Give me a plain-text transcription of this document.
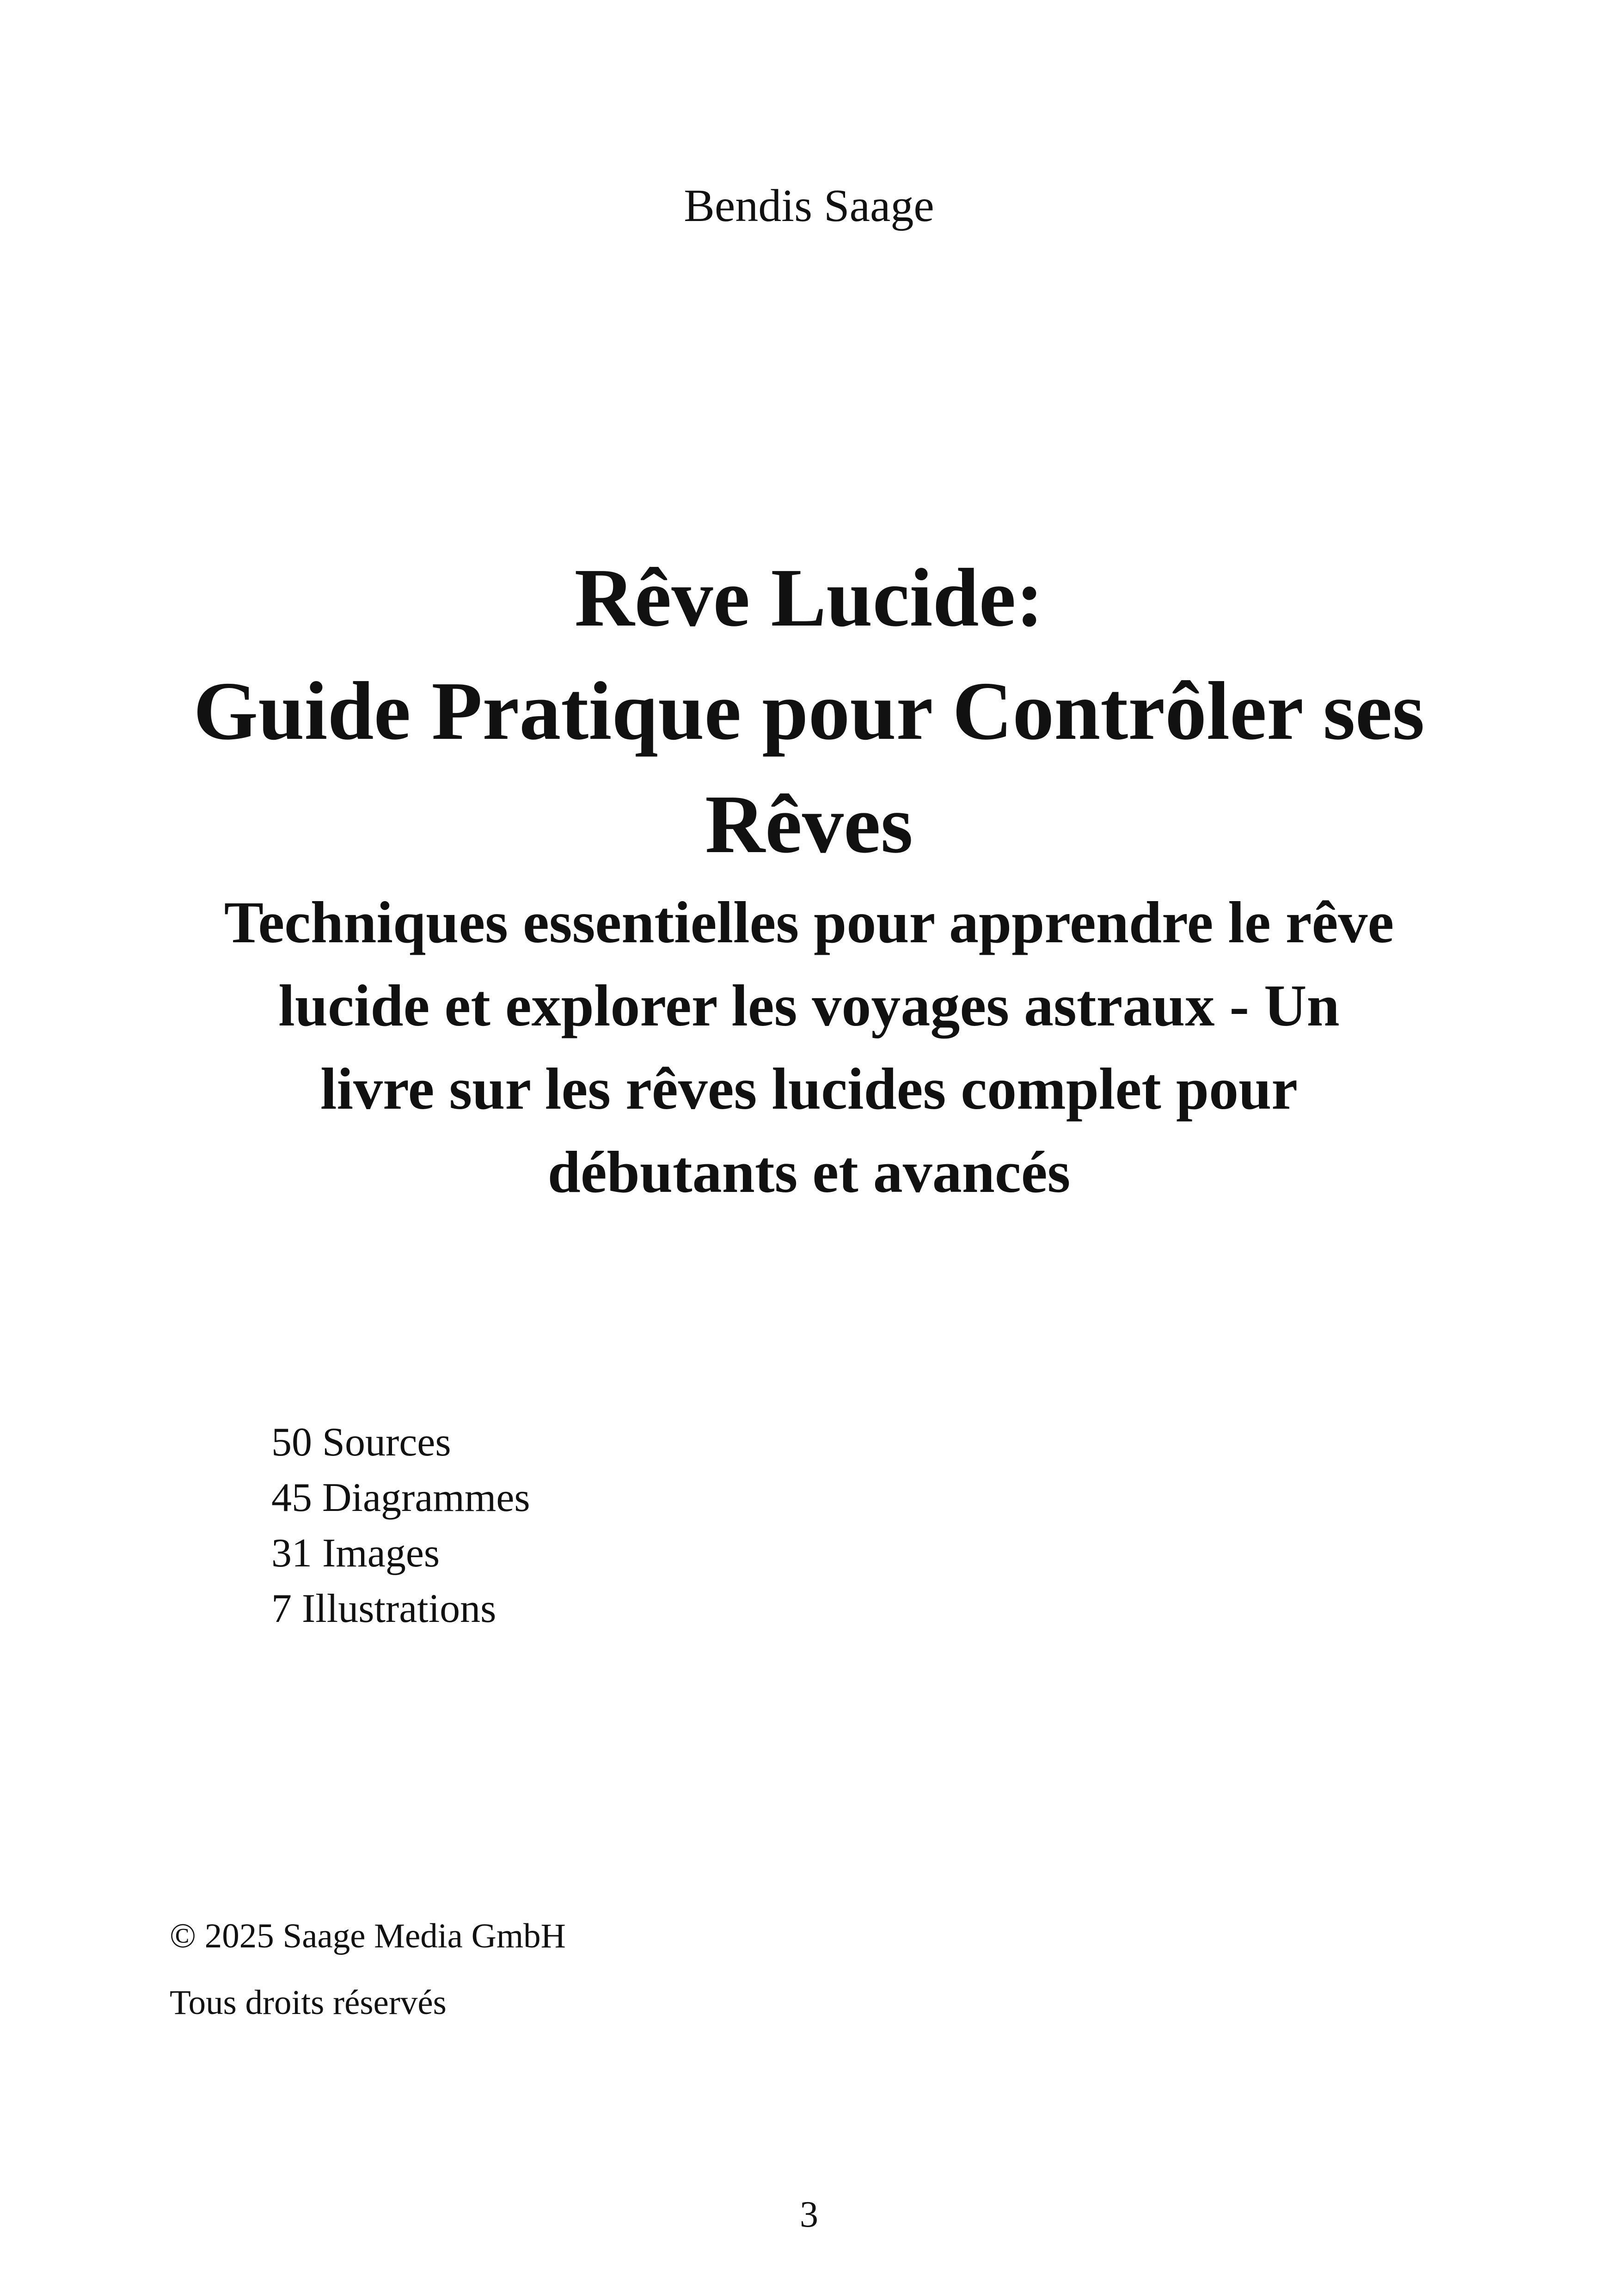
Bendis Saage
Rêve Lucide:
Guide Pratique pour Contrôler ses
Rêves
Techniques essentielles pour apprendre le rêve
lucide et explorer les voyages astraux - Un
livre sur les rêves lucides complet pour
débutants et avancés
50 Sources
45 Diagrammes
31 Images
7 Illustrations
© 2025 Saage Media GmbH
Tous droits réservés
3
